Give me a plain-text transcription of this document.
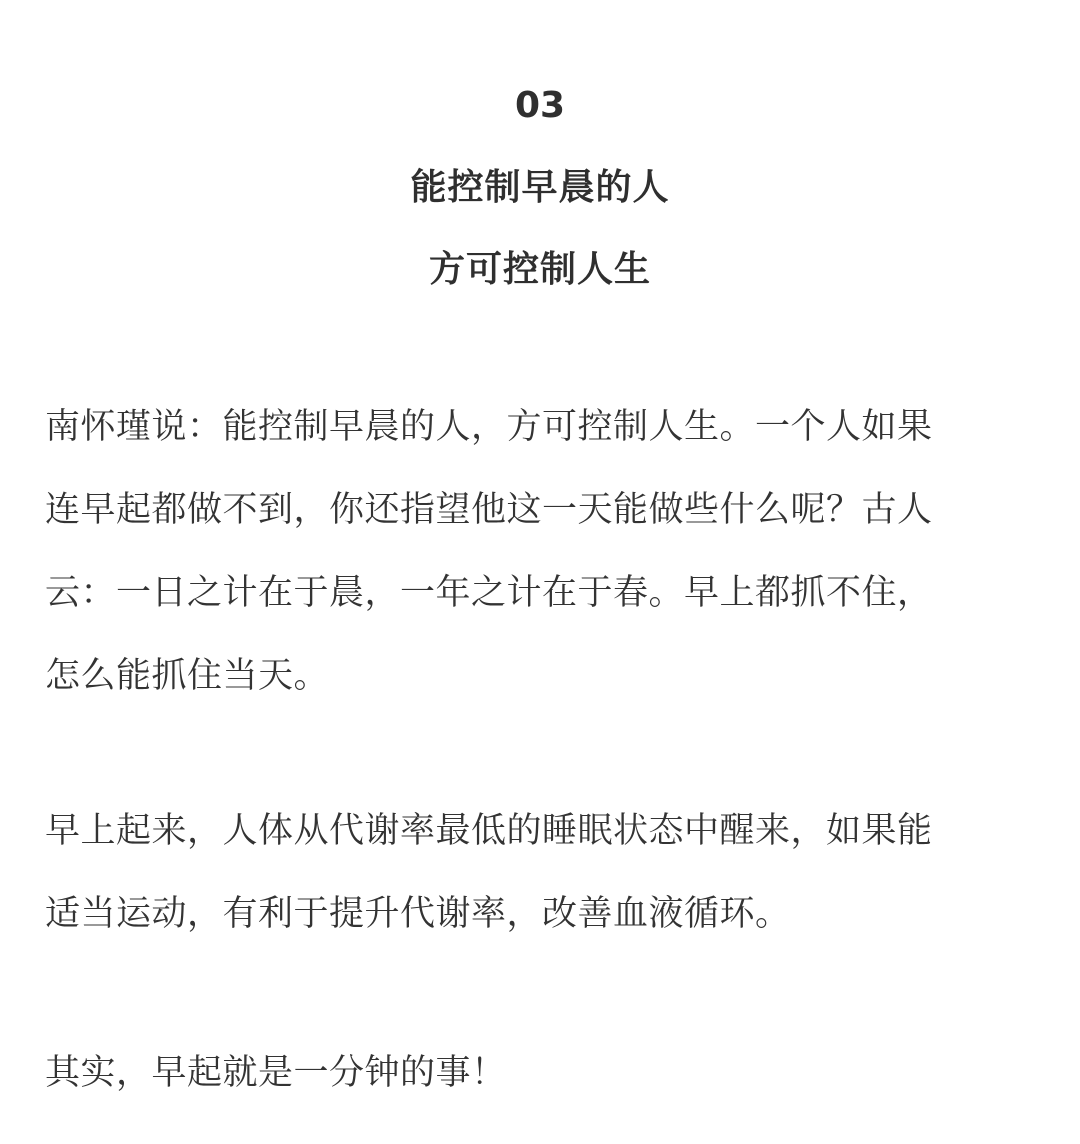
03
能控制早晨的人
方可控制人生
南怀瑾说：能控制早晨的人，方可控制人生。一个人如果
连早起都做不到，你还指望他这一天能做些什么呢？古人
云：一日之计在于晨，一年之计在于春。早上都抓不住，
怎么能抓住当天。
早上起来，人体从代谢率最低的睡眠状态中醒来，如果能
适当运动，有利于提升代谢率，改善血液循环。
其实，早起就是一分钟的事！
